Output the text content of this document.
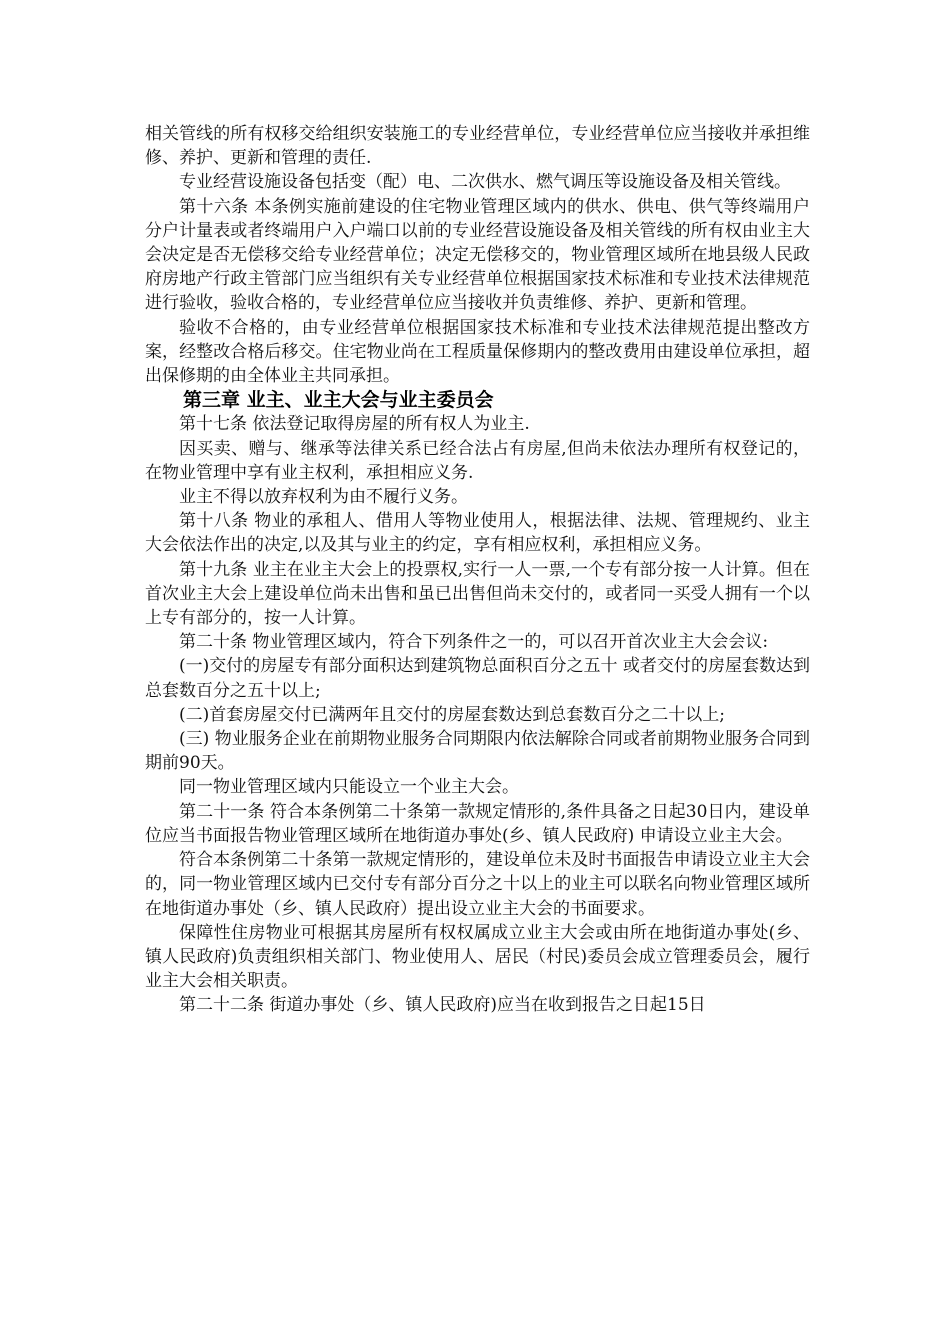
相关管线的所有权移交给组织安装施工的专业经营单位，专业经营单位应当接收并承担维修、养护、更新和管理的责任.

专业经营设施设备包括变（配）电、二次供水、燃气调压等设施设备及相关管线。

第十六条 本条例实施前建设的住宅物业管理区域内的供水、供电、供气等终端用户分户计量表或者终端用户入户端口以前的专业经营设施设备及相关管线的所有权由业主大会决定是否无偿移交给专业经营单位；决定无偿移交的，物业管理区域所在地县级人民政府房地产行政主管部门应当组织有关专业经营单位根据国家技术标准和专业技术法律规范进行验收，验收合格的，专业经营单位应当接收并负责维修、养护、更新和管理。

验收不合格的，由专业经营单位根据国家技术标准和专业技术法律规范提出整改方案，经整改合格后移交。住宅物业尚在工程质量保修期内的整改费用由建设单位承担，超出保修期的由全体业主共同承担。

第三章 业主、业主大会与业主委员会

第十七条 依法登记取得房屋的所有权人为业主.

因买卖、赠与、继承等法律关系已经合法占有房屋,但尚未依法办理所有权登记的，在物业管理中享有业主权利，承担相应义务.

业主不得以放弃权利为由不履行义务。

第十八条 物业的承租人、借用人等物业使用人，根据法律、法规、管理规约、业主大会依法作出的决定,以及其与业主的约定，享有相应权利，承担相应义务。

第十九条 业主在业主大会上的投票权,实行一人一票,一个专有部分按一人计算。但在首次业主大会上建设单位尚未出售和虽已出售但尚未交付的，或者同一买受人拥有一个以上专有部分的，按一人计算。

第二十条 物业管理区域内，符合下列条件之一的，可以召开首次业主大会会议:

(一)交付的房屋专有部分面积达到建筑物总面积百分之五十 或者交付的房屋套数达到总套数百分之五十以上;

(二)首套房屋交付已满两年且交付的房屋套数达到总套数百分之二十以上;

(三) 物业服务企业在前期物业服务合同期限内依法解除合同或者前期物业服务合同到期前90天。

同一物业管理区域内只能设立一个业主大会。

第二十一条 符合本条例第二十条第一款规定情形的,条件具备之日起30日内，建设单位应当书面报告物业管理区域所在地街道办事处(乡、镇人民政府) 申请设立业主大会。

符合本条例第二十条第一款规定情形的，建设单位未及时书面报告申请设立业主大会的，同一物业管理区域内已交付专有部分百分之十以上的业主可以联名向物业管理区域所在地街道办事处（乡、镇人民政府）提出设立业主大会的书面要求。

保障性住房物业可根据其房屋所有权权属成立业主大会或由所在地街道办事处(乡、镇人民政府)负责组织相关部门、物业使用人、居民（村民)委员会成立管理委员会，履行业主大会相关职责。

第二十二条 街道办事处（乡、镇人民政府)应当在收到报告之日起15日
